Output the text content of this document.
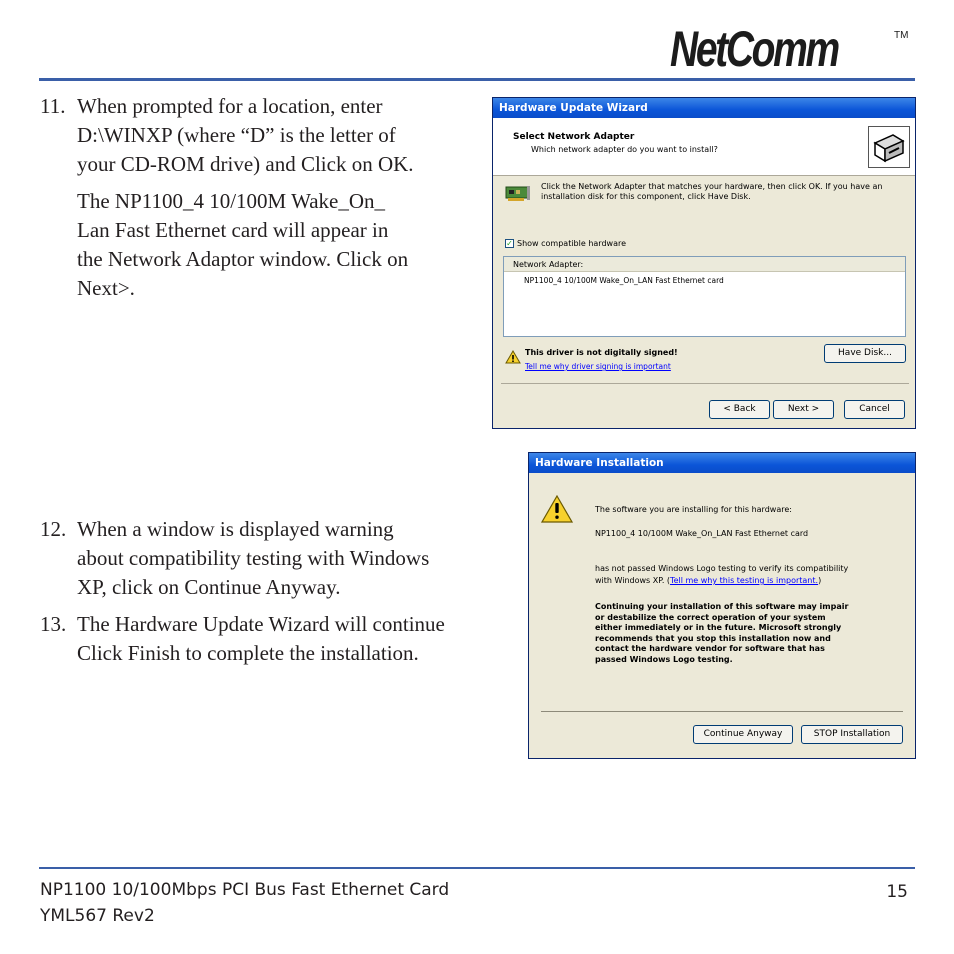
NetComm	TM
11. When prompted for a location, enter
D:\WINXP (where “D” is the letter of
your CD-ROM drive) and Click on OK.

The NP1100_4 10/100M Wake_On_
Lan Fast Ethernet card will appear in
the Network Adaptor window. Click on
Next>.

12. When a window is displayed warning
about compatibility testing with Windows
XP, click on Continue Anyway.

13. The Hardware Update Wizard will continue
Click Finish to complete the installation.

Hardware Update Wizard
Select Network Adapter
Which network adapter do you want to install?
Click the Network Adapter that matches your hardware, then click OK. If you have an installation disk for this component, click Have Disk.
✓ Show compatible hardware
Network Adapter:
NP1100_4 10/100M Wake_On_LAN Fast Ethernet card
This driver is not digitally signed!
Tell me why driver signing is important
Have Disk...
< Back	Next >	Cancel
Hardware Installation
The software you are installing for this hardware:
NP1100_4 10/100M Wake_On_LAN Fast Ethernet card
has not passed Windows Logo testing to verify its compatibility
with Windows XP. (Tell me why this testing is important.)
Continuing your installation of this software may impair
or destabilize the correct operation of your system
either immediately or in the future. Microsoft strongly
recommends that you stop this installation now and
contact the hardware vendor for software that has
passed Windows Logo testing.
Continue Anyway	STOP Installation
NP1100 10/100Mbps PCI Bus Fast Ethernet Card
YML567 Rev2
15
